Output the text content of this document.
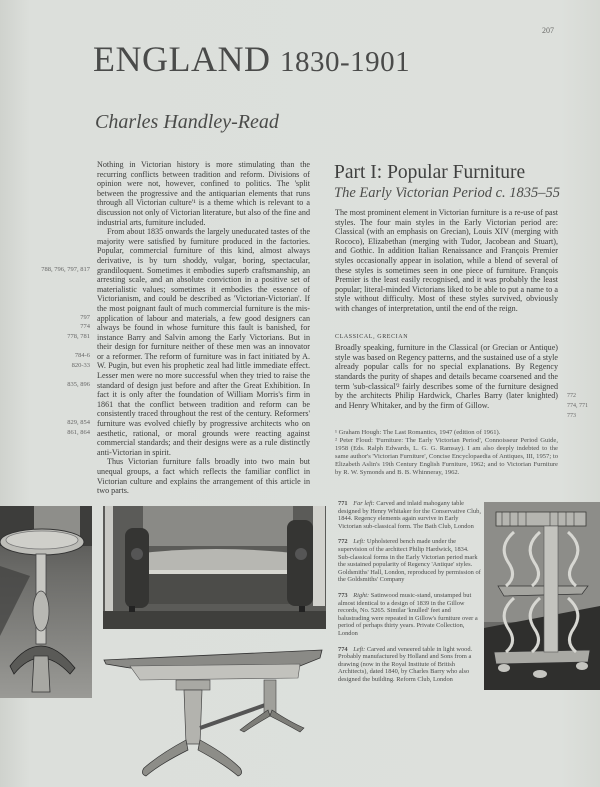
207
ENGLAND 1830-1901
Charles Handley-Read

Nothing in Victorian history is more stimulating than the recurring conflicts between tradition and reform. Divisions of opinion were not, however, confined to politics. The 'split between the progressive and the antiquarian elements that runs through all Victorian culture'¹ is a theme which is relevant to a discussion not only of Victorian literature, but also of the fine and industrial arts, furniture included.

From about 1835 onwards the largely uneducated tastes of the majority were satisfied by furniture produced in the factories. Popular, commercial furniture of this kind, almost always derivative, is by turn shoddy, vulgar, boring, spectacular, grandiloquent. Sometimes it embodies superb craftsmanship, an arresting scale, and an absolute conviction in a positive set of materialistic values; sometimes it embodies the essence of Victorianism, and could be described as 'Victorian-Victorian'. If the most poignant fault of much commercial furniture is the mis-application of labour and materials, a few good designers can always be found in whose furniture this fault is banished, for instance Barry and Salvin among the Early Victorians. But in their design for furniture neither of these men was an innovator or a reformer. The reform of furniture was in fact initiated by A. W. Pugin, but even his prophetic zeal had little immediate effect. Lesser men were no more successful when they tried to raise the standard of design just before and after the Great Exhibition. In fact it is only after the foundation of William Morris's firm in 1861 that the conflict between tradition and reform can be consistently traced throughout the rest of the century. Reformers' furniture was evolved chiefly by progressive architects who on aesthetic, rational, or moral grounds were reacting against commercial standards; and their designs were as a rule distinctly anti-Victorian in spirit.

Thus Victorian furniture falls broadly into two main but unequal groups, a fact which reflects the familiar conflict in Victorian culture and explains the arrangement of this article in two parts.

788, 796, 797, 817
797
774
778, 781
784-6
820-33
835, 896
829, 854
861, 864
Part I: Popular Furniture
The Early Victorian Period c. 1835–55

The most prominent element in Victorian furniture is a re-use of past styles. The four main styles in the Early Victorian period are: Classical (with an emphasis on Grecian), Louis XIV (merging with Rococo), Elizabethan (merging with Tudor, Jacobean and Stuart), and Gothic. In addition Italian Renaissance and François Premier styles occasionally appear in isolation, while a blend of several of these styles is sometimes seen in one piece of furniture. François Premier is the least easily recognised, and it was probably the least popular; literal-minded Victorians liked to be able to put a name to a style without difficulty. Most of these styles survived, obviously with changes of interpretation, until the end of the reign.

CLASSICAL, GRECIAN

Broadly speaking, furniture in the Classical (or Grecian or Antique) style was based on Regency patterns, and the sustained use of a style already popular calls for no special explanations. By Regency standards the purity of shapes and details became coarsened and the term 'sub-classical'² fairly describes some of the furniture designed by the architects Philip Hardwick, Charles Barry (later knighted) and Henry Whitaker, and by the firm of Gillow.

772
774, 771
773

¹ Graham Hough: The Last Romantics, 1947 (edition of 1961).

² Peter Floud: 'Furniture: The Early Victorian Period', Connoisseur Period Guide, 1958 (Eds. Ralph Edwards, L. G. G. Ramsay). I am also deeply indebted to the same author's 'Victorian Furniture', Concise Encyclopaedia of Antiques, III, 1957; to Elizabeth Aslin's 19th Century English Furniture, 1962; and to Victorian Furniture by R. W. Symonds and B. B. Whinneray, 1962.

771 Far left: Carved and inlaid mahogany table designed by Henry Whitaker for the Conservative Club, 1844. Regency elements again survive in Early Victorian sub-classical form. The Bath Club, London

772 Left: Upholstered bench made under the supervision of the architect Philip Hardwick, 1834. Sub-classical forms in the Early Victorian period mark the sustained popularity of Regency 'Antique' styles. Goldsmiths' Hall, London, reproduced by permission of the Goldsmiths' Company

773 Right: Satinwood music-stand, unstamped but almost identical to a design of 1839 in the Gillow records, No. 5265. Similar 'knulled' feet and balustrading were repeated in Gillow's furniture over a period of perhaps thirty years. Private Collection, London

774 Left: Carved and veneered table in light wood. Probably manufactured by Holland and Sons from a drawing (now in the Royal Institute of British Architects), dated 1840, by Charles Barry who also designed the building. Reform Club, London
